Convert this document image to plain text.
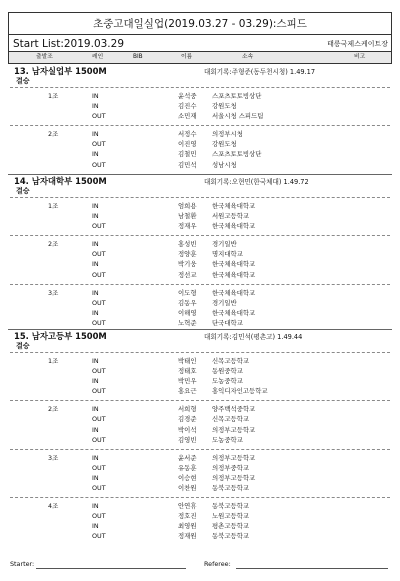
초중고대일실업(2019.03.27 - 03.29):스피드
Start List:2019.03.29	태릉국제스케이트장
출발조	레인	BIB	이름	소속	비고
13. 남자실업부 1500M	대회기록:주형준(동두천시청) 1.49.17
결승
1조	IN	윤석중 스포츠토토빙상단
IN	김진수 강원도청
OUT	소민재 서울시청 스피드팀
2조	IN	서정수 의정부시청
OUT	이진영 강원도청
IN	김철민 스포츠토토빙상단
OUT	김민석 성남시청
14. 남자대학부 1500M	대회기록:오현민(한국체대) 1.49.72
결승
1조	IN	엄희용 한국체육대학교
IN	남철환 서원고등학교
OUT	정재우 한국체육대학교
2조	IN	홍성빈 경기일반
OUT	정양훈 명지대학교
IN	박기웅 한국체육대학교
OUT	정선교 한국체육대학교
3조	IN	이도형 한국체육대학교
OUT	김동우 경기일반
IN	이해영 한국체육대학교
OUT	노혁준 단국대학교
15. 남자고등부 1500M	대회기록:김민석(평촌고) 1.49.44
결승
1조	IN	박태인 신목고등학교
OUT	정태호 동원중학교
IN	박민우 도농중학교
OUT	홍요근 홍익디자인고등학교
2조	IN	서희형 양주백석중학교
OUT	김경준 신목고등학교
IN	박이석 의정부고등학교
OUT	김영빈 도농중학교
3조	IN	윤서준 의정부고등학교
OUT	유동훈 의정부중학교
IN	이승현 의정부고등학교
OUT	이찬원 동북고등학교
4조	IN	안연휴 동북고등학교
OUT	정호진 노원고등학교
IN	최영원 평촌고등학교
OUT	정재원 동북고등학교
Starter:	Referee:
